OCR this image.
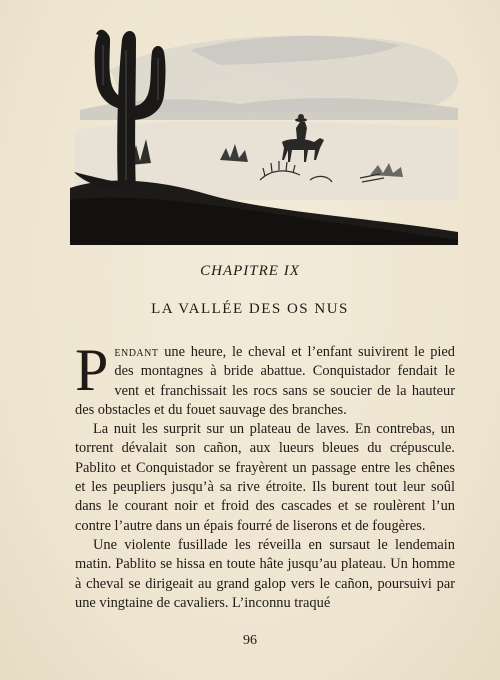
CHAPITRE IX
LA VALLÉE DES OS NUS

Pendant une heure, le cheval et l’enfant suivirent le pied des montagnes à bride abattue. Conquistador fendait le vent et franchissait les rocs sans se soucier de la hauteur des obstacles et du fouet sauvage des branches.

La nuit les surprit sur un plateau de laves. En contrebas, un torrent dévalait son cañon, aux lueurs bleues du crépuscule. Pablito et Conquistador se frayèrent un passage entre les chênes et les peupliers jusqu’à sa rive étroite. Ils burent tout leur soûl dans le courant noir et froid des cascades et se roulèrent l’un contre l’autre dans un épais fourré de liserons et de fougères.

Une violente fusillade les réveilla en sursaut le lendemain matin. Pablito se hissa en toute hâte jusqu’au plateau. Un homme à cheval se dirigeait au grand galop vers le cañon, poursuivi par une vingtaine de cavaliers. L’inconnu traqué

96
